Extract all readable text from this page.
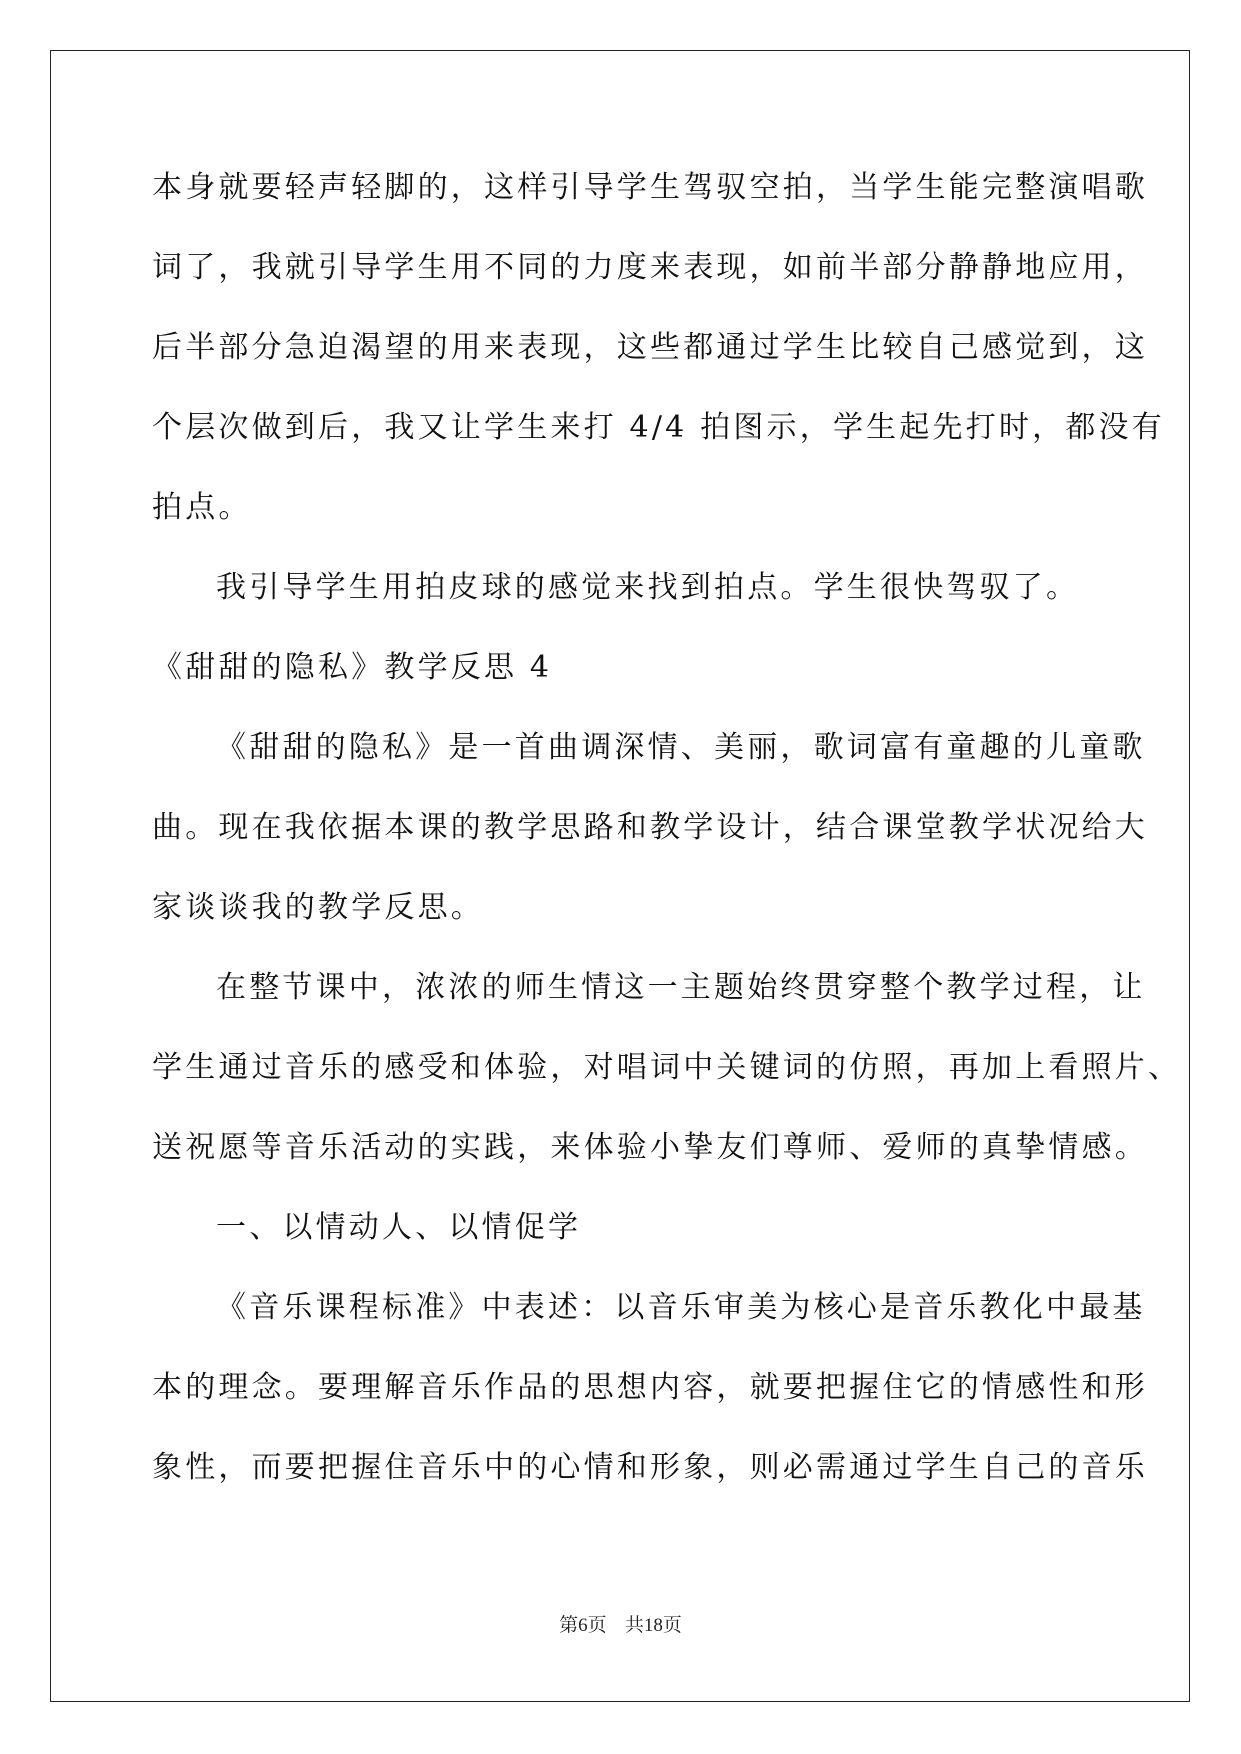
本身就要轻声轻脚的，这样引导学生驾驭空拍，当学生能完整演唱歌
词了，我就引导学生用不同的力度来表现，如前半部分静静地应用，
后半部分急迫渴望的用来表现，这些都通过学生比较自己感觉到，这
个层次做到后，我又让学生来打 4/4 拍图示，学生起先打时，都没有
拍点。
我引导学生用拍皮球的感觉来找到拍点。学生很快驾驭了。
《甜甜的隐私》教学反思 4
《甜甜的隐私》是一首曲调深情、美丽，歌词富有童趣的儿童歌
曲。现在我依据本课的教学思路和教学设计，结合课堂教学状况给大
家谈谈我的教学反思。
在整节课中，浓浓的师生情这一主题始终贯穿整个教学过程，让
学生通过音乐的感受和体验，对唱词中关键词的仿照，再加上看照片、
送祝愿等音乐活动的实践，来体验小挚友们尊师、爱师的真挚情感。
一、以情动人、以情促学
《音乐课程标准》中表述：以音乐审美为核心是音乐教化中最基
本的理念。要理解音乐作品的思想内容，就要把握住它的情感性和形
象性，而要把握住音乐中的心情和形象，则必需通过学生自己的音乐
第6页 共18页
